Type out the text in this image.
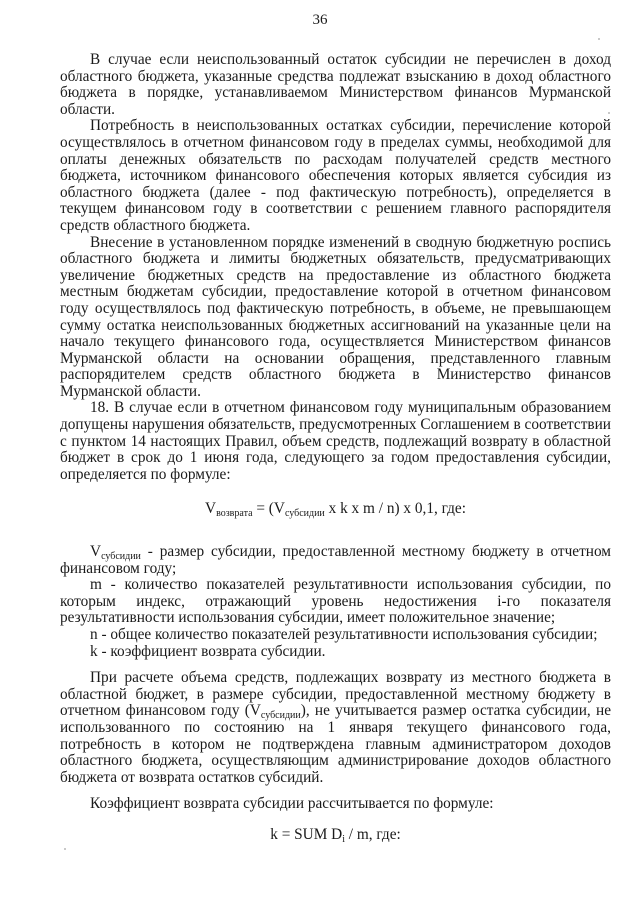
36

В случае если неиспользованный остаток субсидии не перечислен в доход областного бюджета, указанные средства подлежат взысканию в доход областного бюджета в порядке, устанавливаемом Министерством финансов Мурманской области.

Потребность в неиспользованных остатках субсидии, перечисление которой осуществлялось в отчетном финансовом году в пределах суммы, необходимой для оплаты денежных обязательств по расходам получателей средств местного бюджета, источником финансового обеспечения которых является субсидия из областного бюджета (далее - под фактическую потребность), определяется в текущем финансовом году в соответствии с решением главного распорядителя средств областного бюджета.

Внесение в установленном порядке изменений в сводную бюджетную роспись областного бюджета и лимиты бюджетных обязательств, предусматривающих увеличение бюджетных средств на предоставление из областного бюджета местным бюджетам субсидии, предоставление которой в отчетном финансовом году осуществлялось под фактическую потребность, в объеме, не превышающем сумму остатка неиспользованных бюджетных ассигнований на указанные цели на начало текущего финансового года, осуществляется Министерством финансов Мурманской области на основании обращения, представленного главным распорядителем средств областного бюджета в Министерство финансов Мурманской области.

18. В случае если в отчетном финансовом году муниципальным образованием допущены нарушения обязательств, предусмотренных Соглашением в соответствии с пунктом 14 настоящих Правил, объем средств, подлежащий возврату в областной бюджет в срок до 1 июня года, следующего за годом предоставления субсидии, определяется по формуле:

$V_{возврата} = (V_{субсидии}$ x k x m / n) x 0,1, где:

$V_{субсидии}$ - размер субсидии, предоставленной местному бюджету в отчетном финансовом году;

m - количество показателей результативности использования субсидии, по которым индекс, отражающий уровень недостижения i-го показателя результативности использования субсидии, имеет положительное значение;

n - общее количество показателей результативности использования субсидии;

k - коэффициент возврата субсидии.

При расчете объема средств, подлежащих возврату из местного бюджета в областной бюджет, в размере субсидии, предоставленной местному бюджету в отчетном финансовом году $(V_{субсидии})$, не учитывается размер остатка субсидии, не использованного по состоянию на 1 января текущего финансового года, потребность в котором не подтверждена главным администратором доходов областного бюджета, осуществляющим администрирование доходов областного бюджета от возврата остатков субсидий.

Коэффициент возврата субсидии рассчитывается по формуле:

k = SUM $D_i$ / m, где:
